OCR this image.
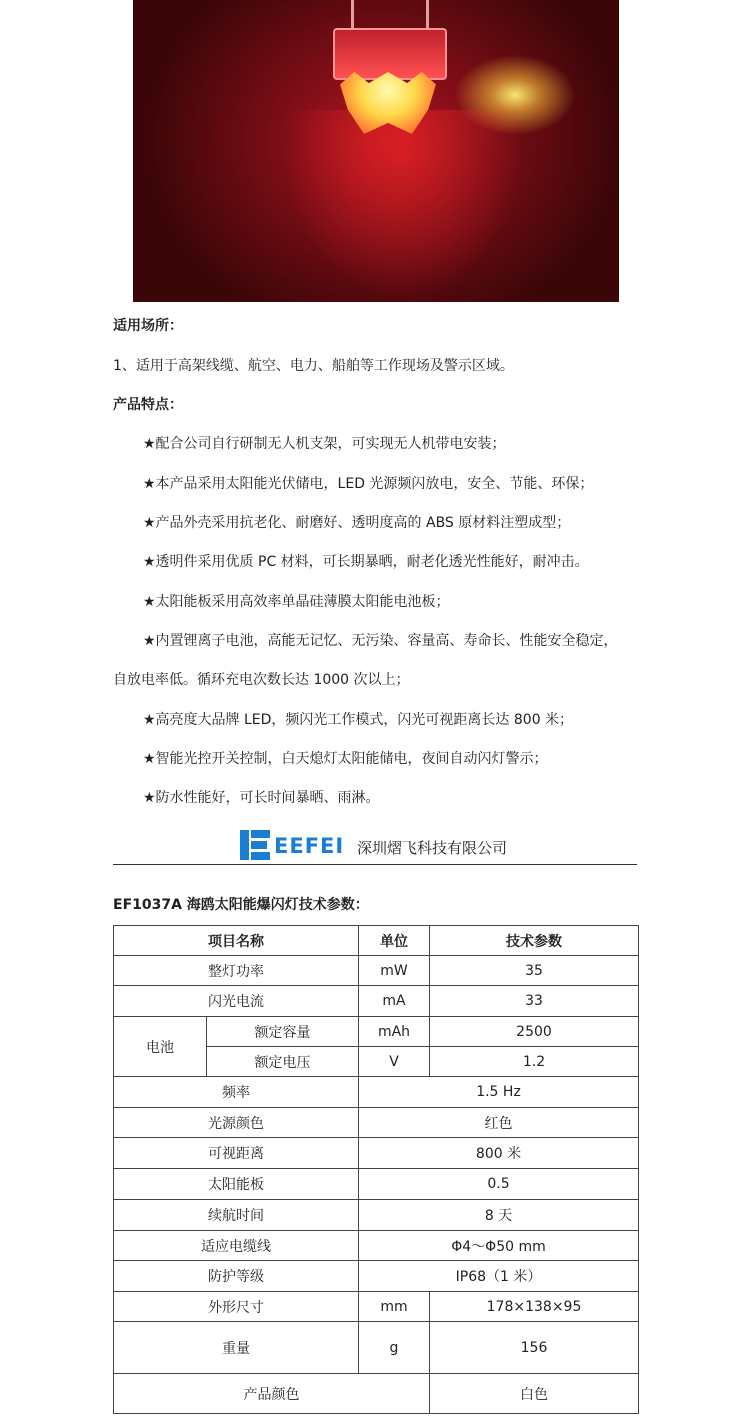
适用场所：
1、适用于高架线缆、航空、电力、船舶等工作现场及警示区域。
产品特点：
★配合公司自行研制无人机支架，可实现无人机带电安装；
★本产品采用太阳能光伏储电，LED 光源频闪放电，安全、节能、环保；
★产品外壳采用抗老化、耐磨好、透明度高的 ABS 原材料注塑成型；
★透明件采用优质 PC 材料，可长期暴晒，耐老化透光性能好，耐冲击。
★太阳能板采用高效率单晶硅薄膜太阳能电池板；
★内置锂离子电池，高能无记忆、无污染、容量高、寿命长、性能安全稳定，
自放电率低。循环充电次数长达 1000 次以上；
★高亮度大品牌 LED，频闪光工作模式，闪光可视距离长达 800 米；
★智能光控开关控制，白天熄灯太阳能储电，夜间自动闪灯警示；
★防水性能好，可长时间暴晒、雨淋。
EEFEI 深圳熠飞科技有限公司
EF1037A 海鸥太阳能爆闪灯技术参数：
项目名称		单位	技术参数
整灯功率		mW	35
闪光电流		mA	33
电池	额定容量	mAh	2500
	额定电压	V	1.2
频率		1.5 Hz	
光源颜色		红色	
可视距离		800 米	
太阳能板		0.5	
续航时间		8 天	
适应电缆线		Φ4～Φ50 mm	
防护等级		IP68（1 米）	
外形尺寸		mm	178×138×95
重量		g	156
产品颜色			白色
